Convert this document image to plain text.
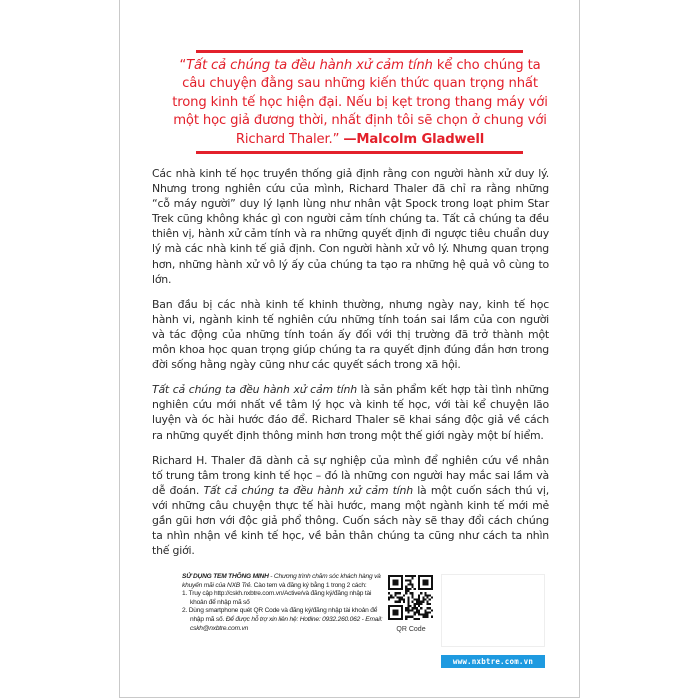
“Tất cả chúng ta đều hành xử cảm tính kể cho chúng ta câu chuyện đằng sau những kiến thức quan trọng nhất trong kinh tế học hiện đại. Nếu bị kẹt trong thang máy với một học giả đương thời, nhất định tôi sẽ chọn ở chung với Richard Thaler.” —Malcolm Gladwell

Các nhà kinh tế học truyền thống giả định rằng con người hành xử duy lý. Nhưng trong nghiên cứu của mình, Richard Thaler đã chỉ ra rằng những “cỗ máy người” duy lý lạnh lùng như nhân vật Spock trong loạt phim Star Trek cũng không khác gì con người cảm tính chúng ta. Tất cả chúng ta đều thiên vị, hành xử cảm tính và ra những quyết định đi ngược tiêu chuẩn duy lý mà các nhà kinh tế giả định. Con người hành xử vô lý. Nhưng quan trọng hơn, những hành xử vô lý ấy của chúng ta tạo ra những hệ quả vô cùng to lớn.

Ban đầu bị các nhà kinh tế khinh thường, nhưng ngày nay, kinh tế học hành vi, ngành kinh tế nghiên cứu những tính toán sai lầm của con người và tác động của những tính toán ấy đối với thị trường đã trở thành một môn khoa học quan trọng giúp chúng ta ra quyết định đúng đắn hơn trong đời sống hằng ngày cũng như các quyết sách trong xã hội.

Tất cả chúng ta đều hành xử cảm tính là sản phẩm kết hợp tài tình những nghiên cứu mới nhất về tâm lý học và kinh tế học, với tài kể chuyện lão luyện và óc hài hước đáo để. Richard Thaler sẽ khai sáng độc giả về cách ra những quyết định thông minh hơn trong một thế giới ngày một bí hiểm.

Richard H. Thaler đã dành cả sự nghiệp của mình để nghiên cứu về nhân tố trung tâm trong kinh tế học – đó là những con người hay mắc sai lầm và dễ đoán. Tất cả chúng ta đều hành xử cảm tính là một cuốn sách thú vị, với những câu chuyện thực tế hài hước, mang một ngành kinh tế mới mẻ gần gũi hơn với độc giả phổ thông. Cuốn sách này sẽ thay đổi cách chúng ta nhìn nhận về kinh tế học, về bản thân chúng ta cũng như cách ta nhìn thế giới.

SỬ DỤNG TEM THÔNG MINH - Chương trình chăm sóc khách hàng và khuyến mãi của NXB Trẻ. Cào tem và đăng ký bằng 1 trong 2 cách:
1. Truy cập http://cskh.nxbtre.com.vn/Active/và đăng ký/đăng nhập tài khoản để nhập mã số
2. Dùng smartphone quét QR Code và đăng ký/đăng nhập tài khoản để nhập mã số. Để được hỗ trợ xin liên hệ: Hotline: 0932.260.062 - Email: cskh@nxbtre.com.vn	QR Code
www.nxbtre.com.vn
